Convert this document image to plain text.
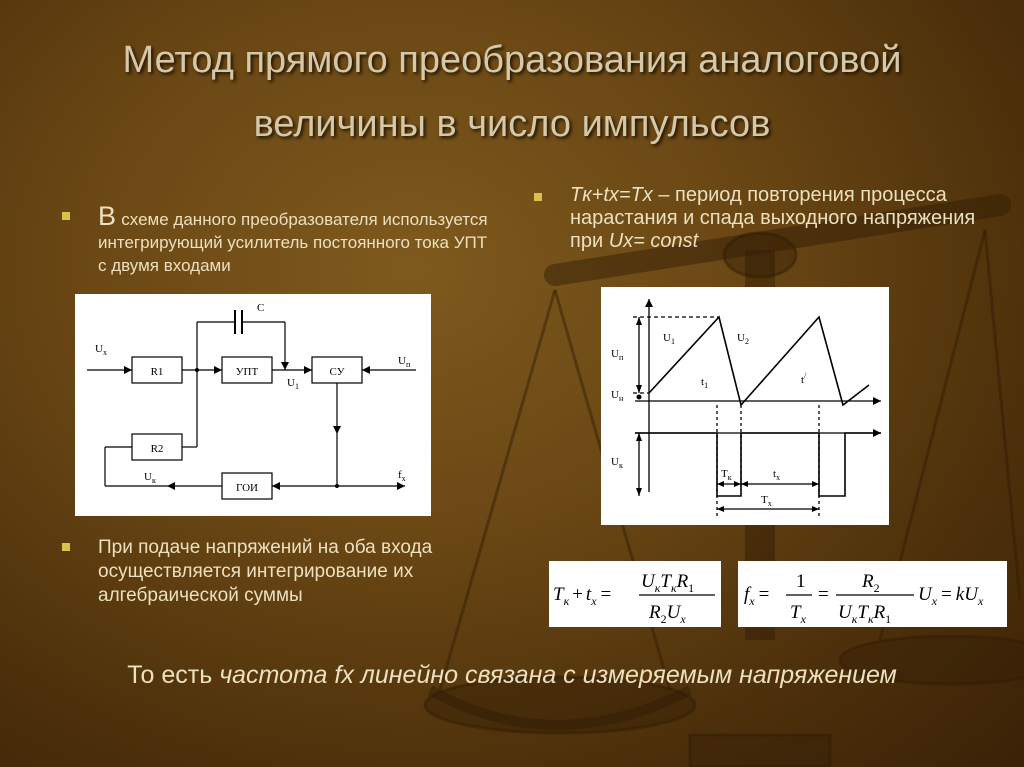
Метод прямого преобразования аналоговой
величины в число импульсов
В схеме данного преобразователя используется интегрирующий усилитель постоянного тока УПТ с двумя входами
Tк+tх=Tх – период повторения процесса нарастания и спада выходного напряжения при Uх= const
$U_x$
$U_п$
R1	УПТ	СУ
C
$U_1$
R2
$U_к$
ГОИ
$f_x$
$U_1$	$U_2$
$U_п$
$U_н$
$t_1$	t/
$U_к$
$T_к$	$t_х$
$T_х$
При подаче напряжений на оба входа осуществляется интегрирование их алгебраической суммы	$T_к + t_x$ =
$U_кT_кR_1$
$R_2U_x$
$f_x$ =
1
$T_x$
=
$R_2$
$U_кT_кR_1$
$U_x = kU_x$
То есть частота fx линейно связана с измеряемым напряжением
